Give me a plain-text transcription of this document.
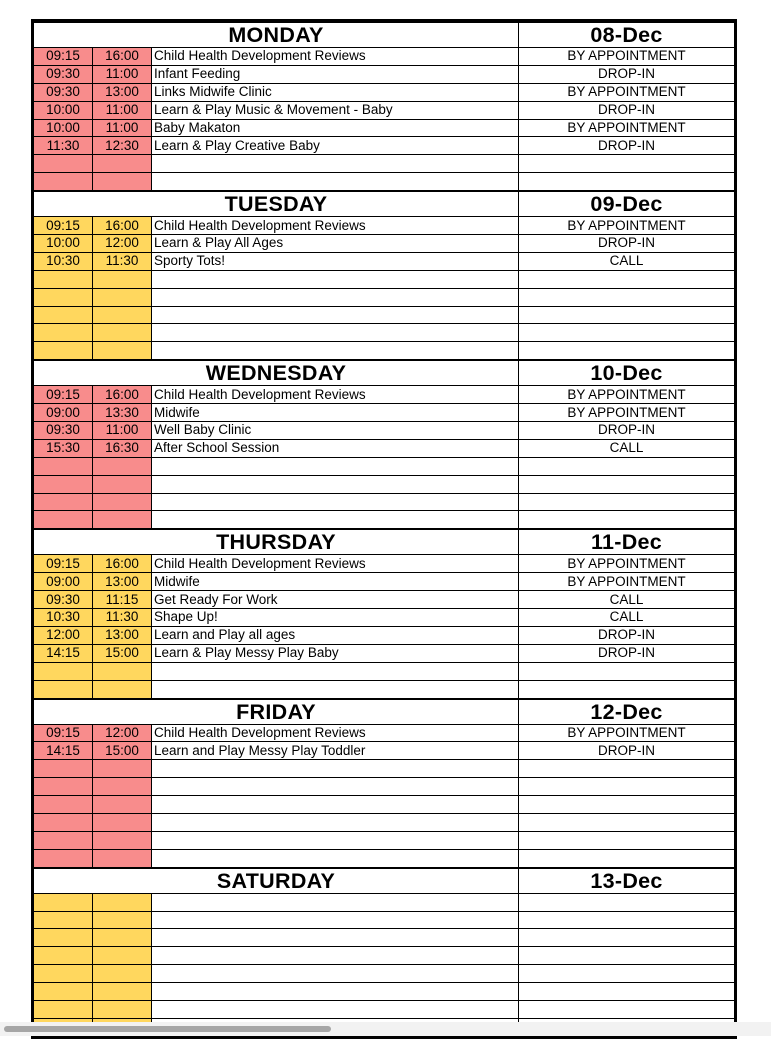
MONDAY			08-Dec
09:15	16:00	Child Health Development Reviews	BY APPOINTMENT
09:30	11:00	Infant Feeding	DROP-IN
09:30	13:00	Links Midwife Clinic	BY APPOINTMENT
10:00	11:00	Learn & Play Music & Movement - Baby	DROP-IN
10:00	11:00	Baby Makaton	BY APPOINTMENT
11:30	12:30	Learn & Play Creative Baby	DROP-IN

TUESDAY			09-Dec
09:15	16:00	Child Health Development Reviews	BY APPOINTMENT
10:00	12:00	Learn & Play All Ages	DROP-IN
10:30	11:30	Sporty Tots!	CALL

WEDNESDAY			10-Dec
09:15	16:00	Child Health Development Reviews	BY APPOINTMENT
09:00	13:30	Midwife	BY APPOINTMENT
09:30	11:00	Well Baby Clinic	DROP-IN
15:30	16:30	After School Session	CALL

THURSDAY			11-Dec
09:15	16:00	Child Health Development Reviews	BY APPOINTMENT
09:00	13:00	Midwife	BY APPOINTMENT
09:30	11:15	Get Ready For Work	CALL
10:30	11:30	Shape Up!	CALL
12:00	13:00	Learn and Play all ages	DROP-IN
14:15	15:00	Learn & Play Messy Play Baby	DROP-IN

FRIDAY			12-Dec
09:15	12:00	Child Health Development Reviews	BY APPOINTMENT
14:15	15:00	Learn and Play Messy Play Toddler	DROP-IN

SATURDAY			13-Dec
